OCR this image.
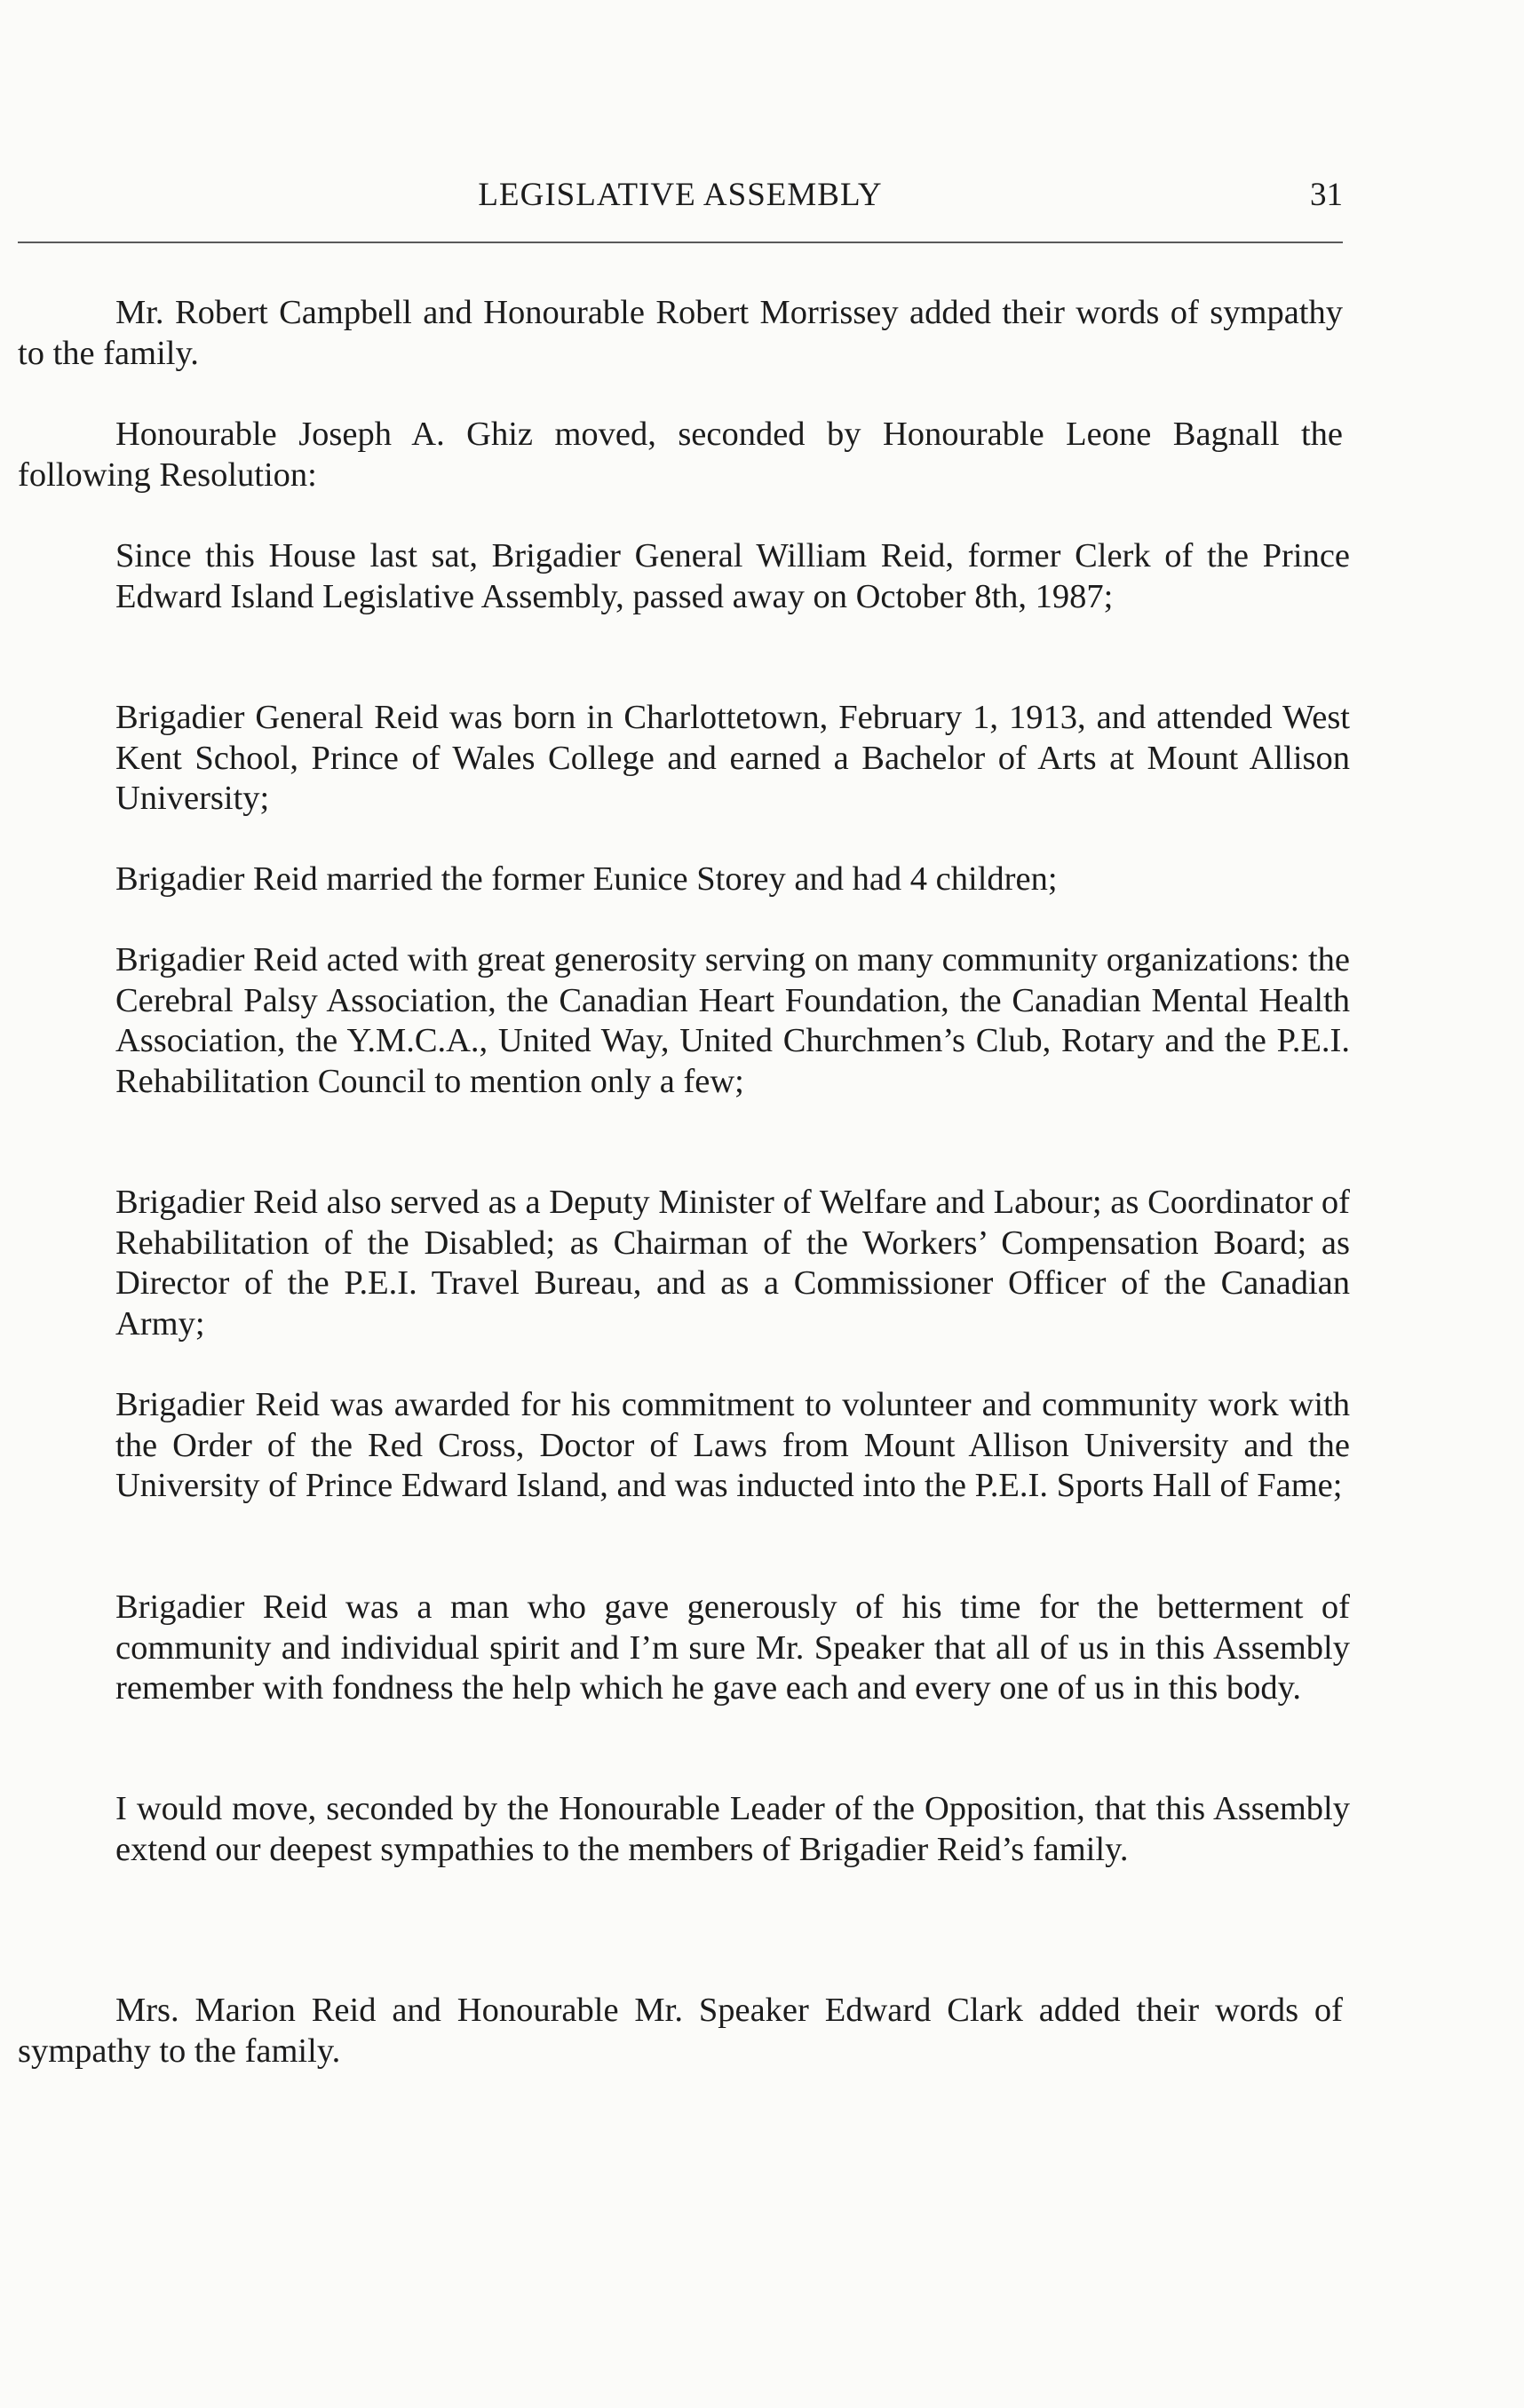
LEGISLATIVE ASSEMBLY	31

Mr. Robert Campbell and Honourable Robert Morrissey added their words of sympathy to the family.

Honourable Joseph A. Ghiz moved, seconded by Honourable Leone Bagnall the following Resolution:

Since this House last sat, Brigadier General William Reid, former Clerk of the Prince Edward Island Legislative Assembly, passed away on October 8th, 1987;

Brigadier General Reid was born in Charlottetown, February 1, 1913, and attended West Kent School, Prince of Wales College and earned a Bachelor of Arts at Mount Allison University;

Brigadier Reid married the former Eunice Storey and had 4 children;

Brigadier Reid acted with great generosity serving on many community organizations: the Cerebral Palsy Association, the Canadian Heart Foundation, the Canadian Mental Health Association, the Y.M.C.A., United Way, United Churchmen’s Club, Rotary and the P.E.I. Rehabilitation Council to mention only a few;

Brigadier Reid also served as a Deputy Minister of Welfare and Labour; as Coordinator of Rehabilitation of the Disabled; as Chairman of the Workers’ Compensation Board; as Director of the P.E.I. Travel Bureau, and as a Commissioner Officer of the Canadian Army;

Brigadier Reid was awarded for his commitment to volunteer and community work with the Order of the Red Cross, Doctor of Laws from Mount Allison University and the University of Prince Edward Island, and was inducted into the P.E.I. Sports Hall of Fame;

Brigadier Reid was a man who gave generously of his time for the betterment of community and individual spirit and I’m sure Mr. Speaker that all of us in this Assembly remember with fondness the help which he gave each and every one of us in this body.

I would move, seconded by the Honourable Leader of the Opposition, that this Assembly extend our deepest sympathies to the members of Brigadier Reid’s family.

Mrs. Marion Reid and Honourable Mr. Speaker Edward Clark added their words of sympathy to the family.
